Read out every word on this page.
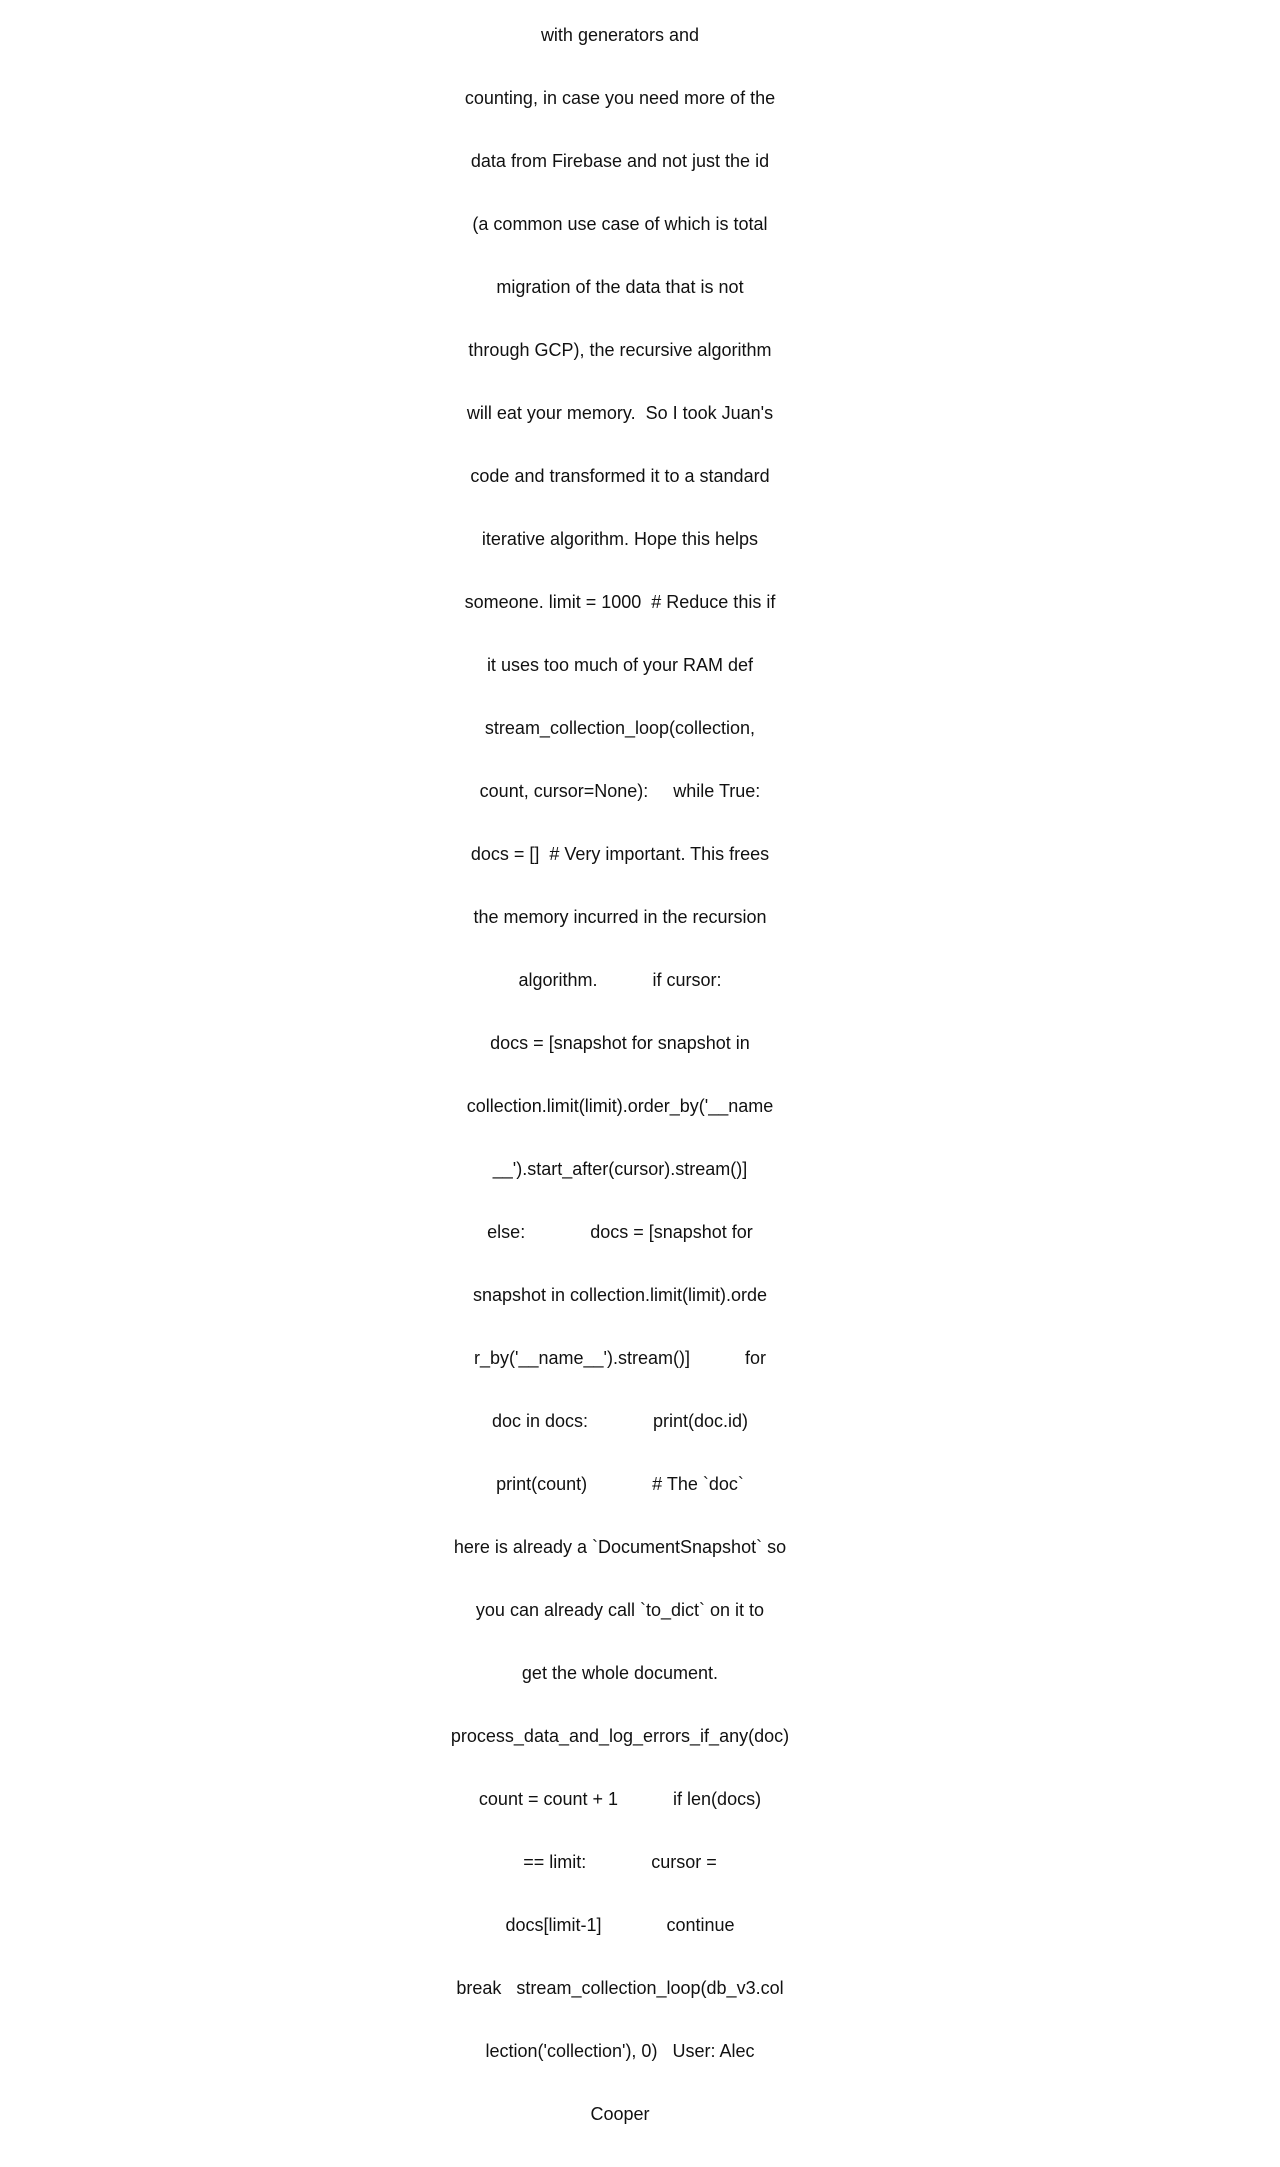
with generators and

counting, in case you need more of the

data from Firebase and not just the id

(a common use case of which is total

migration of the data that is not

through GCP), the recursive algorithm

will eat your memory.  So I took Juan's

code and transformed it to a standard

iterative algorithm. Hope this helps

someone. limit = 1000  # Reduce this if

it uses too much of your RAM def

stream_collection_loop(collection,

count, cursor=None):     while True:

docs = []  # Very important. This frees

the memory incurred in the recursion

algorithm.           if cursor:

docs = [snapshot for snapshot in

collection.limit(limit).order_by('__name

__').start_after(cursor).stream()]

else:             docs = [snapshot for

snapshot in collection.limit(limit).orde

r_by('__name__').stream()]           for

doc in docs:             print(doc.id)

print(count)             # The `doc`

here is already a `DocumentSnapshot` so

you can already call `to_dict` on it to

get the whole document.

process_data_and_log_errors_if_any(doc)

count = count + 1           if len(docs)

== limit:             cursor =

docs[limit-1]             continue

break   stream_collection_loop(db_v3.col

lection('collection'), 0)   User: Alec

Cooper
